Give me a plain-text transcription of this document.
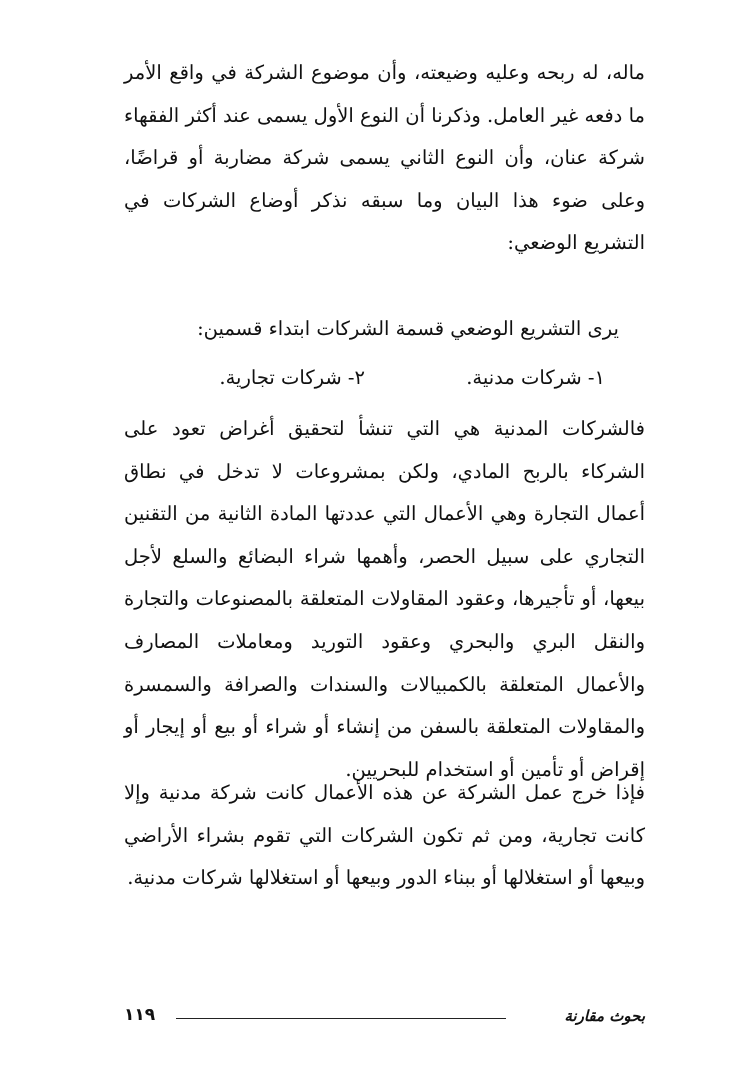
ماله، له ربحه وعليه وضيعته، وأن موضوع الشركة في واقع الأمر ما دفعه غير العامل. وذكرنا أن النوع الأول يسمى عند أكثر الفقهاء شركة عنان، وأن النوع الثاني يسمى شركة مضاربة أو قراضًا، وعلى ضوء هذا البيان وما سبقه نذكر أوضاع الشركات في التشريع الوضعي:

يرى التشريع الوضعي قسمة الشركات ابتداء قسمين:

١- شركات مدنية.
٢- شركات تجارية.

فالشركات المدنية هي التي تنشأ لتحقيق أغراض تعود على الشركاء بالربح المادي، ولكن بمشروعات لا تدخل في نطاق أعمال التجارة وهي الأعمال التي عددتها المادة الثانية من التقنين التجاري على سبيل الحصر، وأهمها شراء البضائع والسلع لأجل بيعها، أو تأجيرها، وعقود المقاولات المتعلقة بالمصنوعات والتجارة والنقل البري والبحري وعقود التوريد ومعاملات المصارف والأعمال المتعلقة بالكمبيالات والسندات والصرافة والسمسرة والمقاولات المتعلقة بالسفن من إنشاء أو شراء أو بيع أو إيجار أو إقراض أو تأمين أو استخدام للبحريين.

فإذا خرج عمل الشركة عن هذه الأعمال كانت شركة مدنية وإلا كانت تجارية، ومن ثم تكون الشركات التي تقوم بشراء الأراضي وبيعها أو استغلالها أو ببناء الدور وبيعها أو استغلالها شركات مدنية.

١١٩	بحوث مقارنة
